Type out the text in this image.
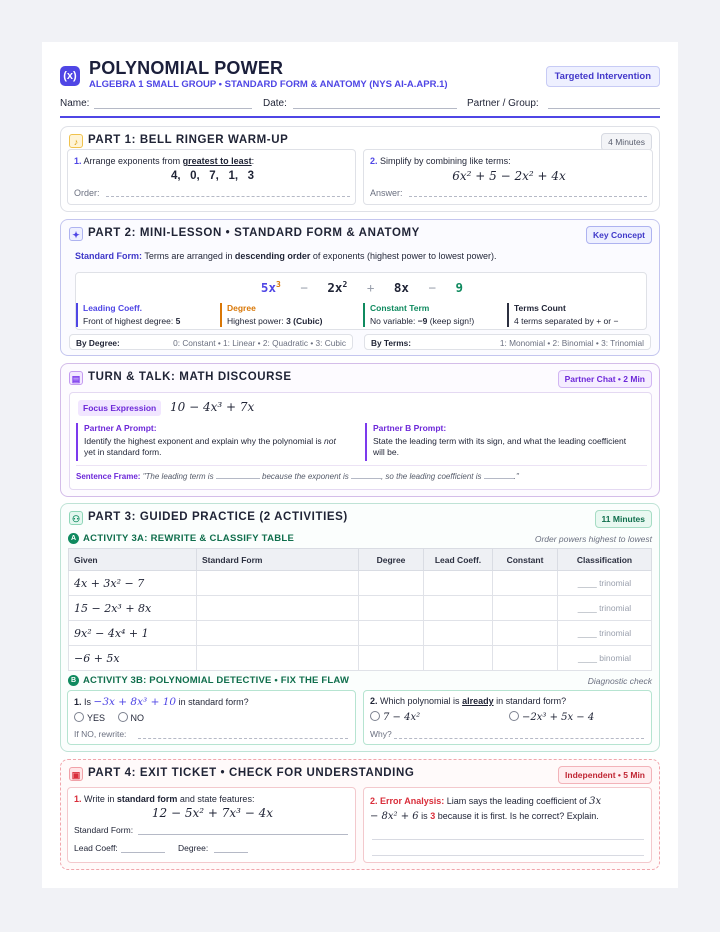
(x) POLYNOMIAL POWER
ALGEBRA 1 SMALL GROUP • STANDARD FORM & ANATOMY (NYS AI-A.APR.1)
Targeted Intervention
Name:	Date:	Partner / Group:
♪ PART 1: BELL RINGER WARM-UP	4 Minutes
1. Arrange exponents from greatest to least:
4,   0,   7,   1,   3
Order:
2. Simplify by combining like terms:
6x² + 5 − 2x² + 4x
Answer:
✦ PART 2: MINI-LESSON • STANDARD FORM & ANATOMY	Key Concept
Standard Form: Terms are arranged in descending order of exponents (highest power to lowest power).
$5x^3 - 2x^2 + 8x - 9$
Leading Coeff.
Front of highest degree: 5
Degree
Highest power: 3 (Cubic)
Constant Term
No variable: −9 (keep sign!)
Terms Count
4 terms separated by + or −
By Degree:	0: Constant • 1: Linear • 2: Quadratic • 3: Cubic	By Terms:	1: Monomial • 2: Binomial • 3: Trinomial
▤ TURN & TALK: MATH DISCOURSE	Partner Chat • 2 Min
Focus Expression	10 − 4x³ + 7x
Partner A Prompt:
Identify the highest exponent and explain why the polynomial is not yet in standard form.
Partner B Prompt:
State the leading term with its sign, and what the leading coefficient will be.
Sentence Frame: "The leading term is	because the exponent is	, so the leading coefficient is	."
⚇ PART 3: GUIDED PRACTICE (2 ACTIVITIES)	11 Minutes
A ACTIVITY 3A: REWRITE & CLASSIFY TABLE	Order powers highest to lowest
Given	Standard Form	Degree	Lead Coeff.	Constant	Classification
4x + 3x² − 7					____ trinomial
15 − 2x³ + 8x					____ trinomial
9x² − 4x⁴ + 1					____ trinomial
−6 + 5x					____ binomial
B ACTIVITY 3B: POLYNOMIAL DETECTIVE • FIX THE FLAW	Diagnostic check
1. Is −3x + 8x³ + 10 in standard form?
YES	NO
If NO, rewrite:
2. Which polynomial is already in standard form?
7 − 4x²	−2x³ + 5x − 4
Why?
▣ PART 4: EXIT TICKET • CHECK FOR UNDERSTANDING	Independent • 5 Min
1. Write in standard form and state features:
12 − 5x² + 7x³ − 4x
Standard Form:
Lead Coeff:	Degree:
2. Error Analysis: Liam says the leading coefficient of 3x
− 8x² + 6 is 3 because it is first. Is he correct? Explain.
